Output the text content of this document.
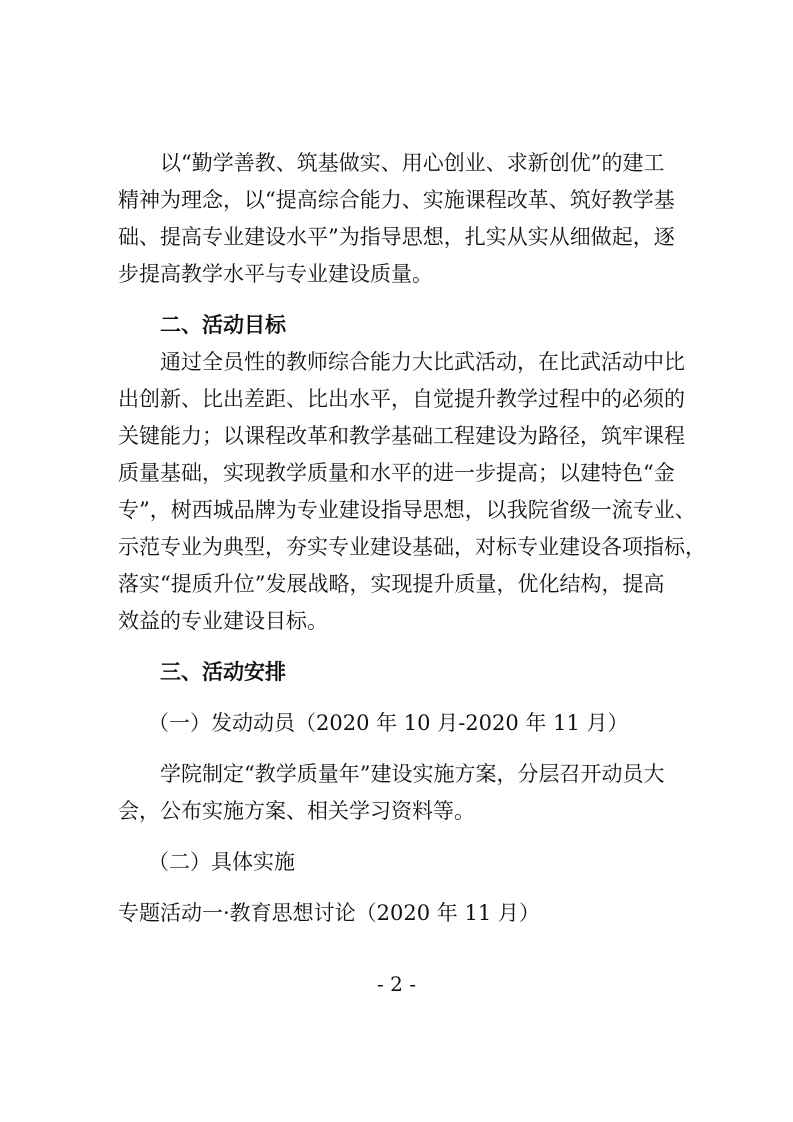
以“勤学善教、筑基做实、用心创业、求新创优”的建工
精神为理念，以“提高综合能力、实施课程改革、筑好教学基
础、提高专业建设水平”为指导思想，扎实从实从细做起，逐
步提高教学水平与专业建设质量。
二、活动目标
通过全员性的教师综合能力大比武活动，在比武活动中比
出创新、比出差距、比出水平，自觉提升教学过程中的必须的
关键能力；以课程改革和教学基础工程建设为路径，筑牢课程
质量基础，实现教学质量和水平的进一步提高；以建特色“金
专”，树西城品牌为专业建设指导思想，以我院省级一流专业、
示范专业为典型，夯实专业建设基础，对标专业建设各项指标，
落实“提质升位”发展战略，实现提升质量，优化结构，提高
效益的专业建设目标。
三、活动安排
（一）发动动员（2020 年 10 月-2020 年 11 月）
学院制定“教学质量年”建设实施方案，分层召开动员大
会，公布实施方案、相关学习资料等。
（二）具体实施
专题活动一·教育思想讨论（2020 年 11 月）
- 2 -
